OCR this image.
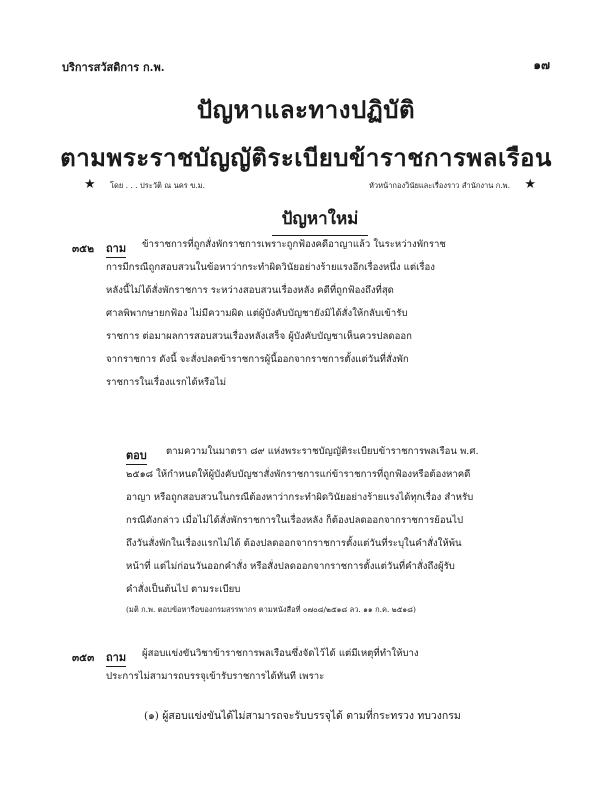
บริการสวัสดิการ ก.พ.	๑๗
ปัญหาและทางปฏิบัติ
ตามพระราชบัญญัติระเบียบข้าราชการพลเรือน
★ โดย . . . ประวัติ ณ นคร ข.ม.	หัวหน้ากองวินัยและเรื่องราว สำนักงาน ก.พ. ★
ปัญหาใหม่
๓๕๒ ถาม ข้าราชการที่ถูกสั่งพักราชการเพราะถูกฟ้องคดีอาญาแล้ว ในระหว่างพักราช
การมีกรณีถูกสอบสวนในข้อหาว่ากระทำผิดวินัยอย่างร้ายแรงอีกเรื่องหนึ่ง แต่เรื่อง
หลังนี้ไม่ได้สั่งพักราชการ ระหว่างสอบสวนเรื่องหลัง คดีที่ถูกฟ้องถึงที่สุด
ศาลพิพากษายกฟ้อง ไม่มีความผิด แต่ผู้บังคับบัญชายังมิได้สั่งให้กลับเข้ารับ
ราชการ ต่อมาผลการสอบสวนเรื่องหลังเสร็จ ผู้บังคับบัญชาเห็นควรปลดออก
จากราชการ ดังนี้ จะสั่งปลดข้าราชการผู้นี้ออกจากราชการตั้งแต่วันที่สั่งพัก
ราชการในเรื่องแรกได้หรือไม่
ตอบ ตามความในมาตรา ๘๙ แห่งพระราชบัญญัติระเบียบข้าราชการพลเรือน พ.ศ.
๒๕๑๘ ให้กำหนดให้ผู้บังคับบัญชาสั่งพักราชการแก่ข้าราชการที่ถูกฟ้องหรือต้องหาคดี
อาญา หรือถูกสอบสวนในกรณีต้องหาว่ากระทำผิดวินัยอย่างร้ายแรงได้ทุกเรื่อง สำหรับ
กรณีดังกล่าว เมื่อไม่ได้สั่งพักราชการในเรื่องหลัง ก็ต้องปลดออกจากราชการย้อนไป
ถึงวันสั่งพักในเรื่องแรกไม่ได้ ต้องปลดออกจากราชการตั้งแต่วันที่ระบุในคำสั่งให้พ้น
หน้าที่ แต่ไม่ก่อนวันออกคำสั่ง หรือสั่งปลดออกจากราชการตั้งแต่วันที่คำสั่งถึงผู้รับ
คำสั่งเป็นต้นไป ตามระเบียบ
(มติ ก.พ. ตอบข้อหารือของกรมสรรพากร ตามหนังสือที่ ๐๗๐๘/๒๕๑๘ ลว. ๑๑ ก.ค. ๒๕๑๘)
๓๕๓ ถาม ผู้สอบแข่งขันวิชาข้าราชการพลเรือนซึ่งจัดไว้ได้ แต่มีเหตุที่ทำให้บาง
ประการไม่สามารถบรรจุเข้ารับราชการได้ทันที เพราะ
(๑) ผู้สอบแข่งขันได้ไม่สามารถจะรับบรรจุได้ ตามที่กระทรวง ทบวงกรม
